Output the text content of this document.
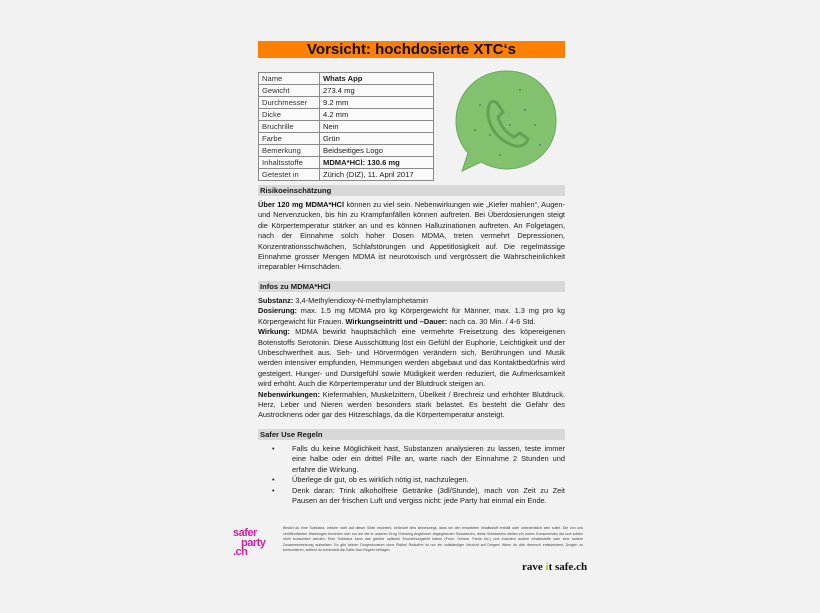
Vorsicht: hochdosierte XTC‘s
Name	Whats App
Gewicht	273.4 mg
Durchmesser	9.2 mm
Dicke	4.2 mm
Bruchrille	Nein
Farbe	Grün
Bemerkung	Beidseitiges Logo
Inhaltsstoffe	MDMA*HCl: 130.6 mg
Getestet in	Zürich (DIZ), 11. April 2017
Risikoeinschätzung
Über 120 mg MDMA*HCl können zu viel sein. Nebenwirkungen wie „Kiefer mahlen“, Augen- und Nervenzucken, bis hin zu Krampfanfällen können auftreten. Bei Überdosierungen steigt die Körpertemperatur stärker an und es können Halluzinationen auftreten. An Folgetagen, nach der Einnahme solch hoher Dosen MDMA, treten vermehrt Depressionen, Konzentrationsschwächen, Schlafstörungen und Appetitlosigkeit auf. Die regelmässige Einnahme grosser Mengen MDMA ist neurotoxisch und vergrössert die Wahrscheinlichkeit irreparabler Hirnschäden.
Infos zu MDMA*HCl
Substanz: 3,4-Methylendioxy-N-methylamphetamin
Dosierung: max. 1.5 mg MDMA pro kg Körpergewicht für Männer, max. 1.3 mg pro kg Körpergewicht für Frauen. Wirkungseintritt und –Dauer: nach ca. 30 Min. / 4-6 Std.
Wirkung: MDMA bewirkt hauptsächlich eine vermehrte Freisetzung des köpereigenen Botenstoffs Serotonin. Diese Ausschüttung löst ein Gefühl der Euphorie, Leichtigkeit und der Unbeschwertheit aus. Seh- und Hörvermögen verändern sich, Berührungen und Musik werden intensiver empfunden, Hemmungen werden abgebaut und das Kontaktbedürfnis wird gesteigert. Hunger- und Durstgefühl sowie Müdigkeit werden reduziert, die Aufmerksamkeit wird erhöht. Auch die Körpertemperatur und der Blutdruck steigen an.
Nebenwirkungen: Kiefermahlen, Muskelzittern, Übelkeit / Brechreiz und erhöhter Blutdruck. Herz, Leber und Nieren werden besonders stark belastet. Es besteht die Gefahr des Austrocknens oder gar des Hitzeschlags, da die Körpertemperatur ansteigt.
Safer Use Regeln
• Falls du keine Möglichkeit hast, Substanzen analysieren zu lassen, teste immer eine halbe oder ein drittel Pille an, warte nach der Einnahme 2 Stunden und erfahre die Wirkung.
• Überlege dir gut, ob es wirklich nötig ist, nachzulegen.
• Denk daran: Trink alkoholfreie Getränke (3dl/Stunde), mach von Zeit zu Zeit Pausen an der frischen Luft und vergiss nicht: jede Party hat einmal ein Ende.
safer
party
.ch
Besitzt du eine Substanz, welche nicht auf dieser Seite erscheint, bedeutet dies keineswegs, dass sie den erwarteten Inhaltsstoff enthält oder unbedenklich sein sollte. Die von uns veröffentlichten Warnungen beziehen sich nur auf die in unseren Drug Checking Angeboten abgegebenen Substanzen, diese Substanzen stellen ein hohes Konsumrisiko dar und sollten nicht konsumiert werden. Eine Substanz kann das gleiche optische Erscheinungsbild haben (Form, Grösse, Farbe etc.) und trotzdem andere Inhaltsstoffe oder eine andere Zusammensetzung aufweisen. Es gibt keinen Drogenkonsum ohne Risiko! Risikofrei ist nur ein vollständiger Verzicht auf Drogen! Wenn du dich dennoch entscheidest, Drogen zu konsumieren, solltest du zumindest die Safer-Use-Regeln befolgen.
rave it safe.ch
